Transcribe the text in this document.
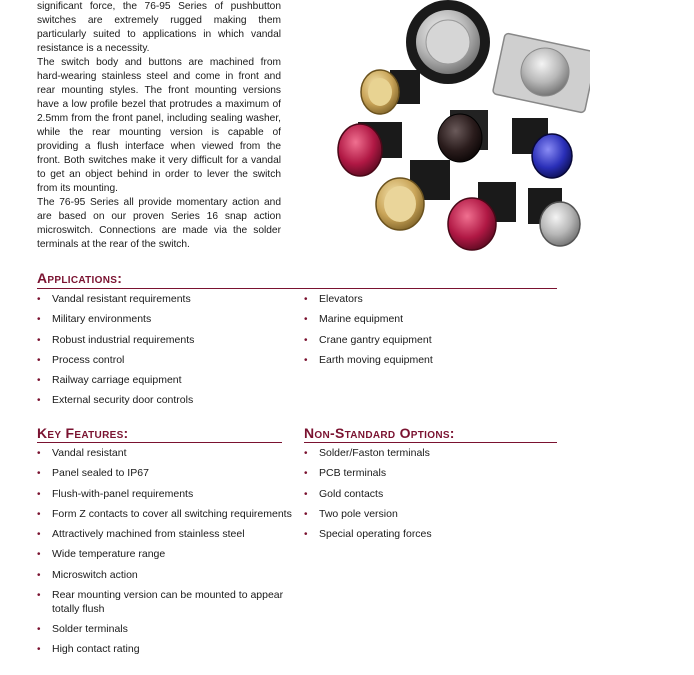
significant force, the 76-95 Series of pushbutton switches are extremely rugged making them particularly suited to applications in which vandal resistance is a necessity.

The switch body and buttons are machined from hard-wearing stainless steel and come in front and rear mounting styles. The front mounting versions have a low profile bezel that protrudes a maximum of 2.5mm from the front panel, including sealing washer, while the rear mounting version is capable of providing a flush interface when viewed from the front. Both switches make it very difficult for a vandal to get an object behind in order to lever the switch from its mounting.

The 76-95 Series all provide momentary action and are based on our proven Series 16 snap action microswitch. Connections are made via the solder terminals at the rear of the switch.

Applications:
• Vandal resistant requirements
• Military environments
• Robust industrial requirements
• Process control
• Railway carriage equipment
• External security door controls
• Elevators
• Marine equipment
• Crane gantry equipment
• Earth moving equipment
Key Features:
• Vandal resistant
• Panel sealed to IP67
• Flush-with-panel requirements
• Form Z contacts to cover all switching requirements
• Attractively machined from stainless steel
• Wide temperature range
• Microswitch action
• Rear mounting version can be mounted to appear totally flush
• Solder terminals
• High contact rating
Non-Standard Options:
• Solder/Faston terminals
• PCB terminals
• Gold contacts
• Two pole version
• Special operating forces
